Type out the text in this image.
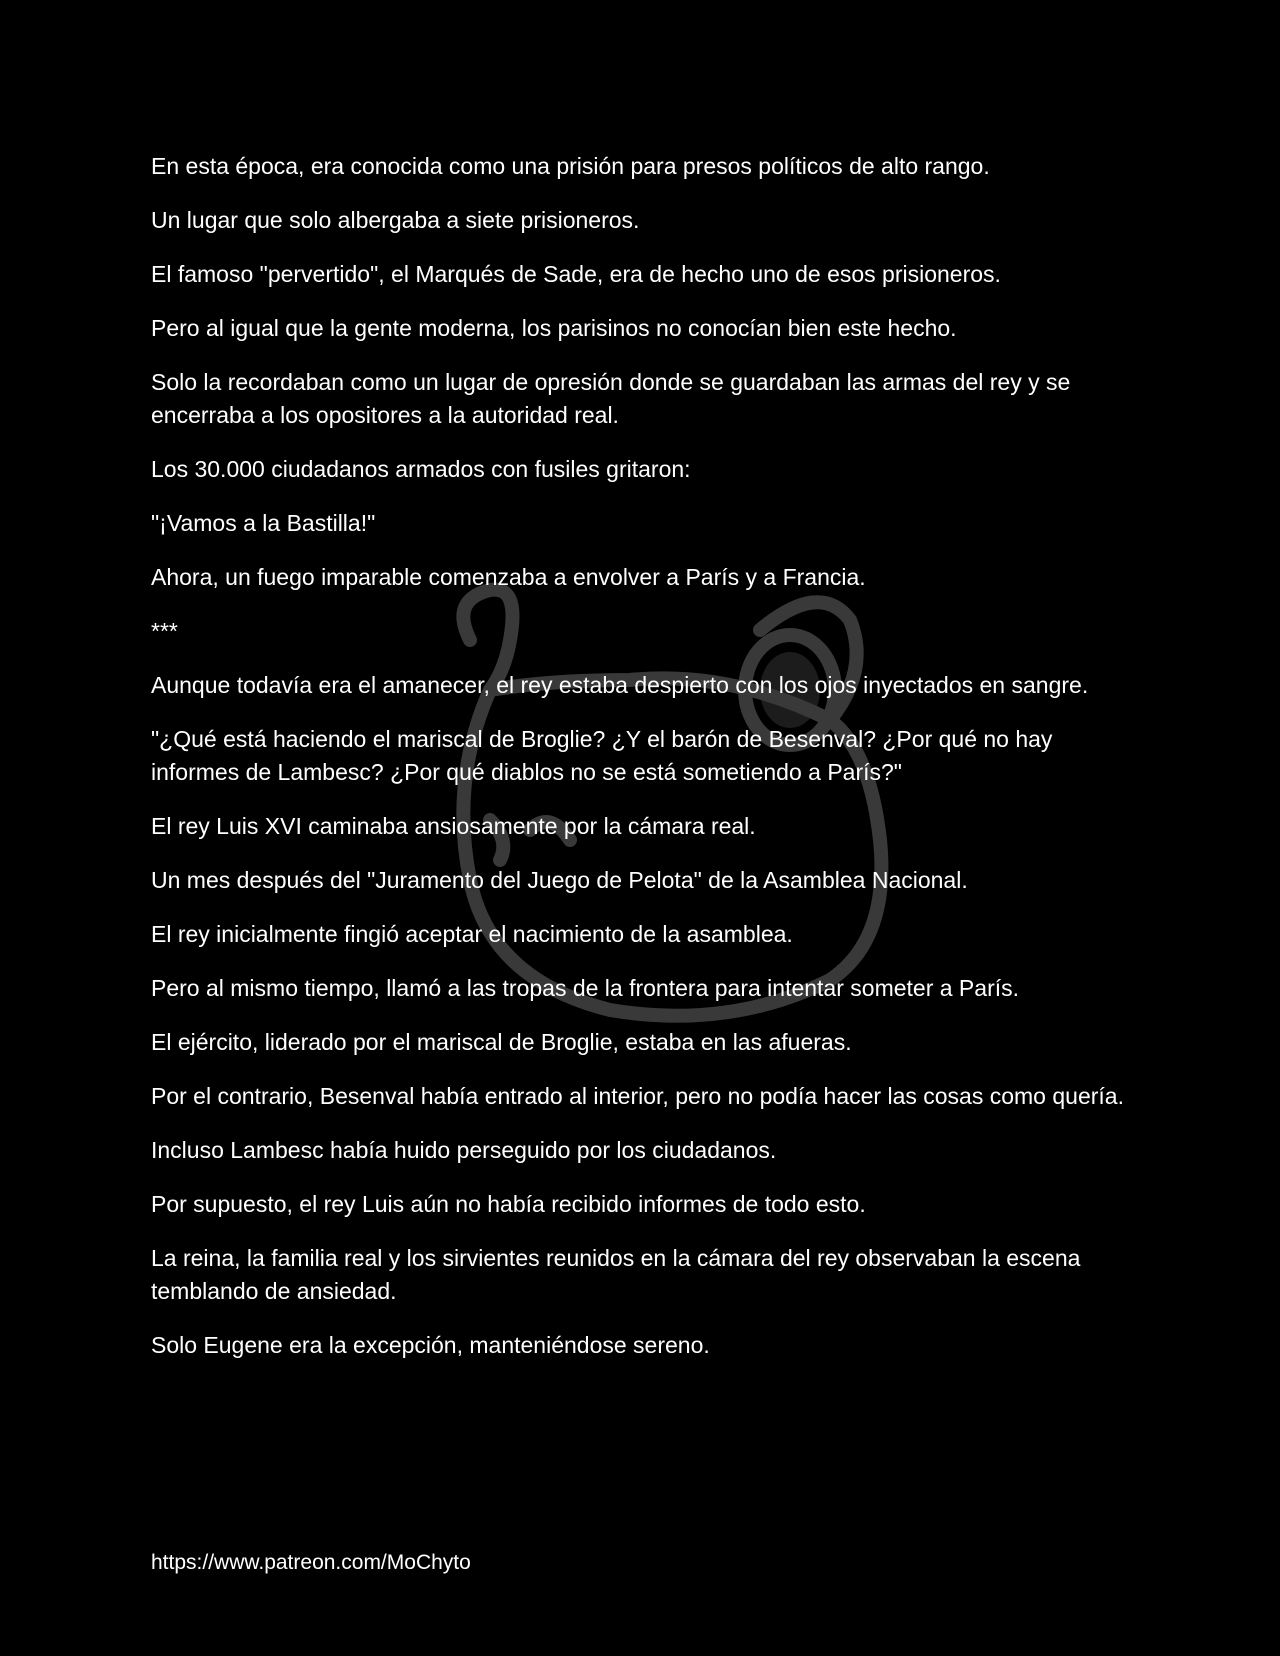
En esta época, era conocida como una prisión para presos políticos de alto rango.

Un lugar que solo albergaba a siete prisioneros.

El famoso "pervertido", el Marqués de Sade, era de hecho uno de esos prisioneros.

Pero al igual que la gente moderna, los parisinos no conocían bien este hecho.

Solo la recordaban como un lugar de opresión donde se guardaban las armas del rey y se encerraba a los opositores a la autoridad real.

Los 30.000 ciudadanos armados con fusiles gritaron:

"¡Vamos a la Bastilla!"

Ahora, un fuego imparable comenzaba a envolver a París y a Francia.

***

Aunque todavía era el amanecer, el rey estaba despierto con los ojos inyectados en sangre.

"¿Qué está haciendo el mariscal de Broglie? ¿Y el barón de Besenval? ¿Por qué no hay informes de Lambesc? ¿Por qué diablos no se está sometiendo a París?"

El rey Luis XVI caminaba ansiosamente por la cámara real.

Un mes después del "Juramento del Juego de Pelota" de la Asamblea Nacional.

El rey inicialmente fingió aceptar el nacimiento de la asamblea.

Pero al mismo tiempo, llamó a las tropas de la frontera para intentar someter a París.

El ejército, liderado por el mariscal de Broglie, estaba en las afueras.

Por el contrario, Besenval había entrado al interior, pero no podía hacer las cosas como quería.

Incluso Lambesc había huido perseguido por los ciudadanos.

Por supuesto, el rey Luis aún no había recibido informes de todo esto.

La reina, la familia real y los sirvientes reunidos en la cámara del rey observaban la escena temblando de ansiedad.

Solo Eugene era la excepción, manteniéndose sereno.

https://www.patreon.com/MoChyto
